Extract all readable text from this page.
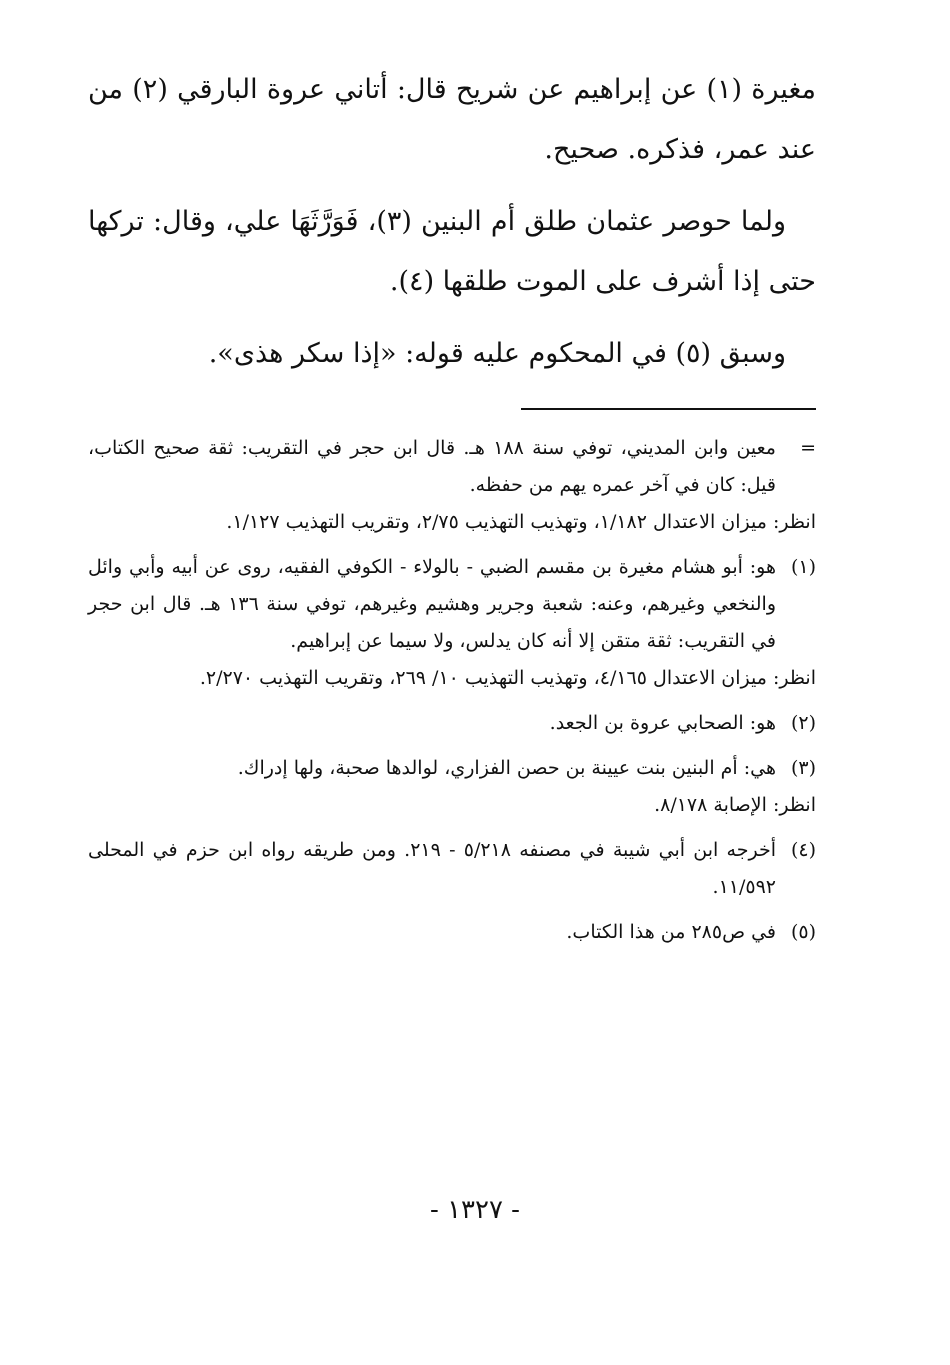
مغيرة (١) عن إبراهيم عن شريح قال: أتاني عروة البارقي (٢) من عند عمر، فذكره. صحيح.

ولما حوصر عثمان طلق أم البنين (٣)، فَوَرَّثَهَا علي، وقال: تركها حتى إذا أشرف على الموت طلقها (٤).

وسبق (٥) في المحكوم عليه قوله: «إذا سكر هذى».

=
معين وابن المديني، توفي سنة ١٨٨ هـ. قال ابن حجر في التقريب: ثقة صحيح الكتاب، قيل: كان في آخر عمره يهم من حفظه.
انظر: ميزان الاعتدال ١/١٨٢، وتهذيب التهذيب ٢/٧٥، وتقريب التهذيب ١/١٢٧.
(١)
هو: أبو هشام مغيرة بن مقسم الضبي - بالولاء - الكوفي الفقيه، روى عن أبيه وأبي وائل والنخعي وغيرهم، وعنه: شعبة وجرير وهشيم وغيرهم، توفي سنة ١٣٦ هـ. قال ابن حجر في التقريب: ثقة متقن إلا أنه كان يدلس، ولا سيما عن إبراهيم.
انظر: ميزان الاعتدال ٤/١٦٥، وتهذيب التهذيب ١٠/ ٢٦٩، وتقريب التهذيب ٢/٢٧٠.
(٢)
هو: الصحابي عروة بن الجعد.
(٣)
هي: أم البنين بنت عيينة بن حصن الفزاري، لوالدها صحبة، ولها إدراك.
انظر: الإصابة ٨/١٧٨.
(٤)
أخرجه ابن أبي شيبة في مصنفه ٥/٢١٨ - ٢١٩. ومن طريقه رواه ابن حزم في المحلى ١١/٥٩٢.
(٥)
في ص٢٨٥ من هذا الكتاب.
- ١٣٢٧ -
